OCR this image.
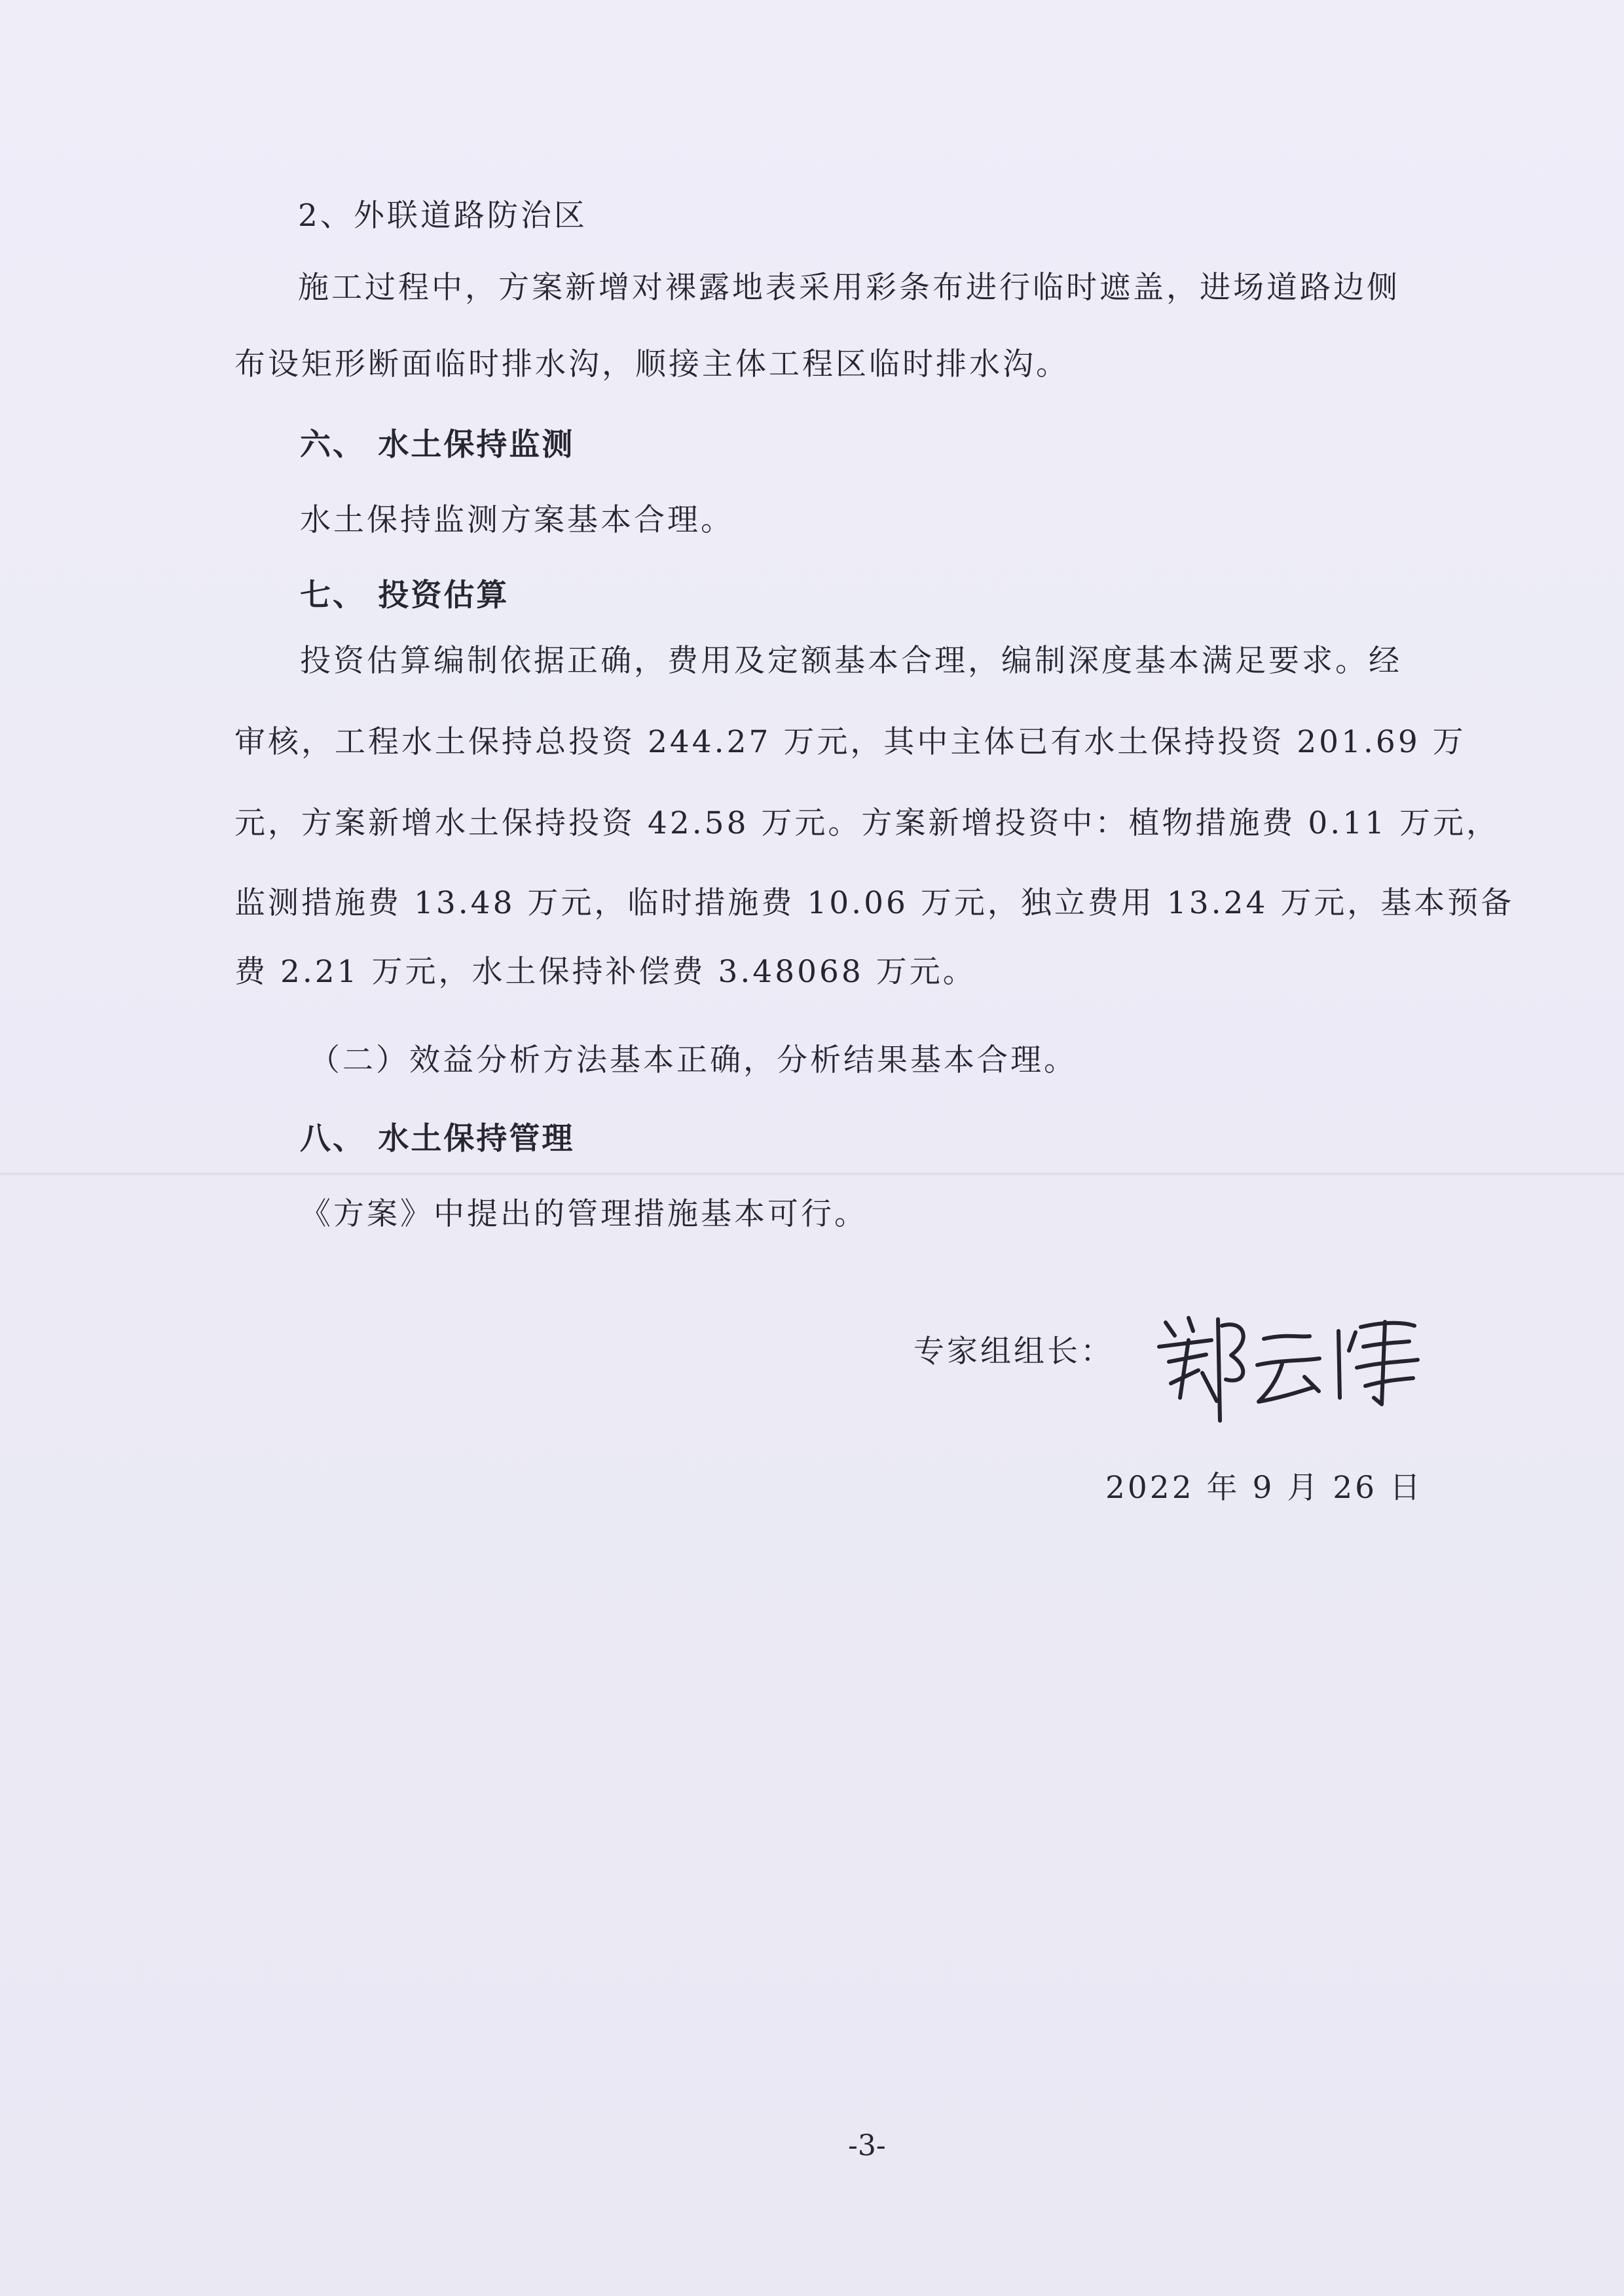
2、外联道路防治区
施工过程中，方案新增对裸露地表采用彩条布进行临时遮盖，进场道路边侧
布设矩形断面临时排水沟，顺接主体工程区临时排水沟。
六、 水土保持监测
水土保持监测方案基本合理。
七、 投资估算
投资估算编制依据正确，费用及定额基本合理，编制深度基本满足要求。经
审核，工程水土保持总投资 244.27 万元，其中主体已有水土保持投资 201.69 万
元，方案新增水土保持投资 42.58 万元。方案新增投资中：植物措施费 0.11 万元，
监测措施费 13.48 万元，临时措施费 10.06 万元，独立费用 13.24 万元，基本预备
费 2.21 万元，水土保持补偿费 3.48068 万元。
（二）效益分析方法基本正确，分析结果基本合理。
八、 水土保持管理
《方案》中提出的管理措施基本可行。
专家组组长：
2022 年 9 月 26 日
-3-
